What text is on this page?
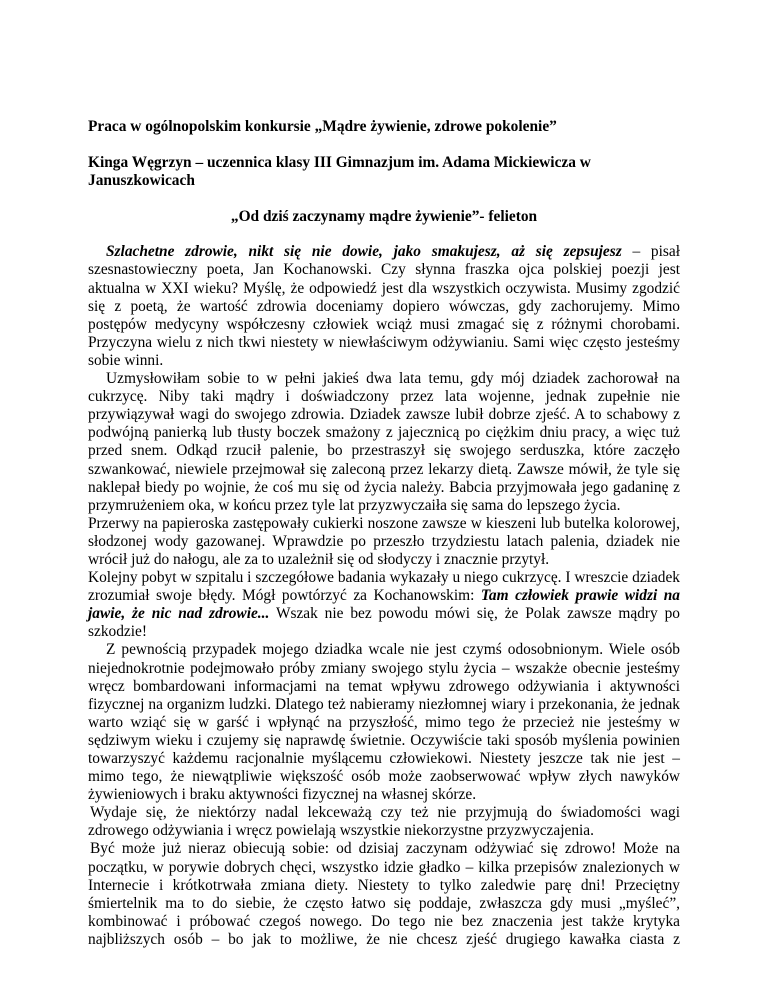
Praca w ogólnopolskim konkursie „Mądre żywienie, zdrowe pokolenie”

Kinga Węgrzyn – uczennica klasy III Gimnazjum im. Adama Mickiewicza w Januszkowicach

„Od dziś zaczynamy mądre żywienie”- felieton

Szlachetne zdrowie, nikt się nie dowie, jako smakujesz, aż się zepsujesz – pisał szesnastowieczny poeta, Jan Kochanowski. Czy słynna fraszka ojca polskiej poezji jest aktualna w XXI wieku? Myślę, że odpowiedź jest dla wszystkich oczywista. Musimy zgodzić się z poetą, że wartość zdrowia doceniamy dopiero wówczas, gdy zachorujemy. Mimo postępów medycyny współczesny człowiek wciąż musi zmagać się z różnymi chorobami. Przyczyna wielu z nich tkwi niestety w niewłaściwym odżywianiu. Sami więc często jesteśmy sobie winni.

Uzmysłowiłam sobie to w pełni jakieś dwa lata temu, gdy mój dziadek zachorował na cukrzycę. Niby taki mądry i doświadczony przez lata wojenne, jednak zupełnie nie przywiązywał wagi do swojego zdrowia. Dziadek zawsze lubił dobrze zjeść. A to schabowy z podwójną panierką lub tłusty boczek smażony z jajecznicą po ciężkim dniu pracy, a więc tuż przed snem. Odkąd rzucił palenie, bo przestraszył się swojego serduszka, które zaczęło szwankować, niewiele przejmował się zaleconą przez lekarzy dietą. Zawsze mówił, że tyle się naklepał biedy po wojnie, że coś mu się od życia należy. Babcia przyjmowała jego gadaninę z przymrużeniem oka, w końcu przez tyle lat przyzwyczaiła się sama do lepszego życia.

Przerwy na papieroska zastępowały cukierki noszone zawsze w kieszeni lub butelka kolorowej, słodzonej wody gazowanej. Wprawdzie po przeszło trzydziestu latach palenia, dziadek nie wrócił już do nałogu, ale za to uzależnił się od słodyczy i znacznie przytył.

Kolejny pobyt w szpitalu i szczegółowe badania wykazały u niego cukrzycę. I wreszcie dziadek zrozumiał swoje błędy. Mógł powtórzyć za Kochanowskim: Tam człowiek prawie widzi na jawie, że nic nad zdrowie... Wszak nie bez powodu mówi się, że Polak zawsze mądry po szkodzie!

Z pewnością przypadek mojego dziadka wcale nie jest czymś odosobnionym. Wiele osób niejednokrotnie podejmowało próby zmiany swojego stylu życia – wszakże obecnie jesteśmy wręcz bombardowani informacjami na temat wpływu zdrowego odżywiania i aktywności fizycznej na organizm ludzki. Dlatego też nabieramy niezłomnej wiary i przekonania, że jednak warto wziąć się w garść i wpłynąć na przyszłość, mimo tego że przecież nie jesteśmy w sędziwym wieku i czujemy się naprawdę świetnie. Oczywiście taki sposób myślenia powinien towarzyszyć każdemu racjonalnie myślącemu człowiekowi. Niestety jeszcze tak nie jest – mimo tego, że niewątpliwie większość osób może zaobserwować wpływ złych nawyków żywieniowych i braku aktywności fizycznej na własnej skórze.

Wydaje się, że niektórzy nadal lekceważą czy też nie przyjmują do świadomości wagi zdrowego odżywiania i wręcz powielają wszystkie niekorzystne przyzwyczajenia.

Być może już nieraz obiecują sobie: od dzisiaj zaczynam odżywiać się zdrowo! Może na początku, w porywie dobrych chęci, wszystko idzie gładko – kilka przepisów znalezionych w Internecie i krótkotrwała zmiana diety. Niestety to tylko zaledwie parę dni! Przeciętny śmiertelnik ma to do siebie, że często łatwo się poddaje, zwłaszcza gdy musi „myśleć”, kombinować i próbować czegoś nowego. Do tego nie bez znaczenia jest także krytyka najbliższych osób – bo jak to możliwe, że nie chcesz zjeść drugiego kawałka ciasta z
